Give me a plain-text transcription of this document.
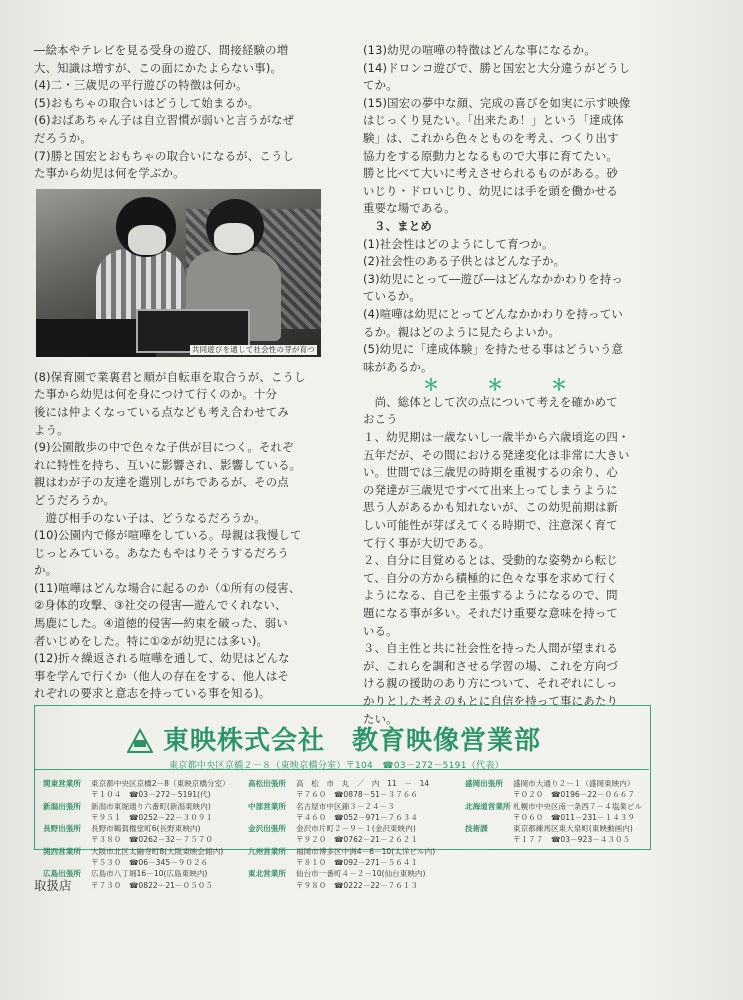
―絵本やテレビを見る受身の遊び、間接経験の増

大、知識は増すが、この面にかたよらない事)。

(4)二・三歳児の平行遊びの特徴は何か。

(5)おもちゃの取合いはどうして始まるか。

(6)おばあちゃん子は自立習慣が弱いと言うがなぜ

だろうか。

(7)勝と国宏とおもちゃの取合いになるが、こうし

た事から幼児は何を学ぶか。

共同遊びを通して社会性の芽が育つ

(8)保育園で業裏君と順が自転車を取合うが、こうし

た事から幼児は何を身につけて行くのか。十分

後には仲よくなっている点なども考え合わせてみ

よう。

(9)公園散歩の中で色々な子供が目につく。それぞ

れに特性を持ち、互いに影響され、影響している。

親はわが子の友達を選別しがちであるが、その点

どうだろうか。

　遊び相手のない子は、どうなるだろうか。

(10)公園内で修が喧嘩をしている。母親は我慢して

じっとみている。あなたもやはりそうするだろう

か。

(11)喧嘩はどんな場合に起るのか（①所有の侵害、

②身体的攻撃、③社交の侵害―遊んでくれない、

馬鹿にした。④道徳的侵害―約束を破った、弱い

者いじめをした。特に①②が幼児には多い)。

(12)折々繰返される喧嘩を通して、幼児はどんな

事を学んで行くか（他人の存在をする、他人はそ

れぞれの要求と意志を持っている事を知る)。

(13)幼児の喧嘩の特徴はどんな事になるか。

(14)ドロンコ遊びで、勝と国宏と大分違うがどうし

てか。

(15)国宏の夢中な顔、完成の喜びを如実に示す映像

はじっくり見たい。「出来たあ！」という「達成体

験」は、これから色々とものを考え、つくり出す

協力をする原動力となるもので大事に育てたい。

勝と比べて大いに考えさせられるものがある。砂

いじり・ドロいじり、幼児には手を頭を働かせる

重要な場である。

３、まとめ

(1)社会性はどのようにして育つか。

(2)社会性のある子供とはどんな子か。

(3)幼児にとって―遊び―はどんなかかわりを持っ

ているか。

(4)喧嘩は幼児にとってどんなかかわりを持ってい

るか。親はどのように見たらよいか。

(5)幼児に「達成体験」を持たせる事はどういう意

味があるか。

＊　　　＊　　　＊

　尚、総体として次の点について考えを確かめて

おこう

１、幼児期は一歳ないし一歳半から六歳頃迄の四・

五年だが、その間における発達変化は非常に大きい

い。世間では三歳児の時期を重視するの余り、心

の発達が三歳児ですべて出来上ってしまうように

思う人があるかも知れないが、この幼児前期は新

しい可能性が芽ばえてくる時期で、注意深く育て

て行く事が大切である。

２、自分に目覚めるとは、受動的な姿勢から転じ

て、自分の方から積極的に色々な事を求めて行く

ようになる、自己を主張するようになるので、問

題になる事が多い。それだけ重要な意味を持って

いる。

３、自主性と共に社会性を持った人間が望まれる

が、これらを調和させる学習の場、これを方向づ

ける親の援助のあり方について、それぞれにしっ

かりとした考えのもとに自信を持って事にあたり

たい。

東映株式会社　教育映像営業部
東京都中央区京橋２－８（東映京橋分室）〒104　☎03－272－5191（代表）
関東営業所 東京都中央区京橋2－8（東映京橋分室）
〒１０４　☎03－272－5191(代)
新潟出張所 新潟市東堀通り六番町(新潟東映内)
〒９５１　☎0252－22－３０９１
長野出張所 長野市鶴賀権堂町6(長野東映内)
〒３８０　☎0262－32－７５７０
関西営業所 大阪市北区太融寺町8(大阪東映会館内)
〒５３０　☎06－345－９０２６
広島出張所 広島市八丁堀16－10(広島東映内)
〒７３０　☎0822－21－０５０５
高松出張所 高　松　市　丸　／　内　11　－　14
〒７６０　☎0878－51－３７６６
中部営業所 名古屋市中区錦３－２４－３
〒４６０　☎052－971－７６３４
金沢出張所 金沢市片町２－９－１(金沢東映内)
〒９２０　☎0762－21－２６２１
九州営業所 福岡市博多区中洲4－6－10(太洋ビル内)
〒８１０　☎092－271－５６４１
東北営業所 仙台市一番町４－２－10(仙台東映内)
〒９８０　☎0222－22－７６１３
盛岡出張所 盛岡市大通り２－１（盛岡東映内）
〒０２０　☎0196－22－０６６７
北海道営業所 札幌市中央区南一条西７－４塩業ビル
〒０６０　☎011－231－１４３９
技術課	東京都練馬区東大泉町(東映動画内)
〒１７７　☎03－923－４３０５
取扱店
